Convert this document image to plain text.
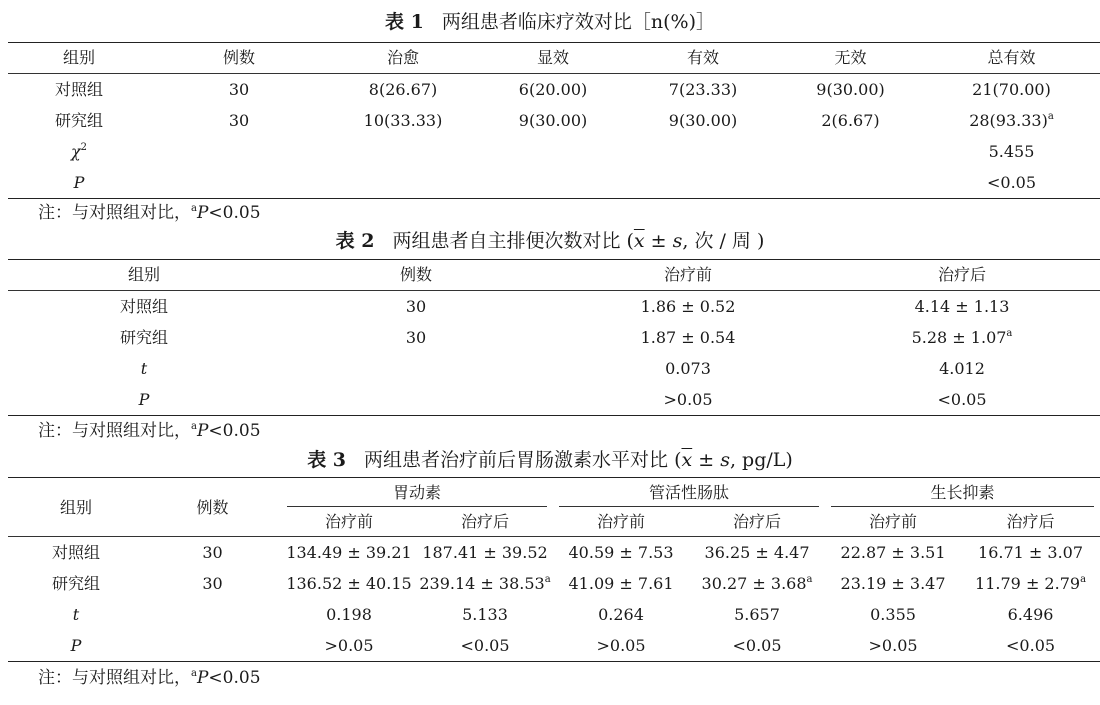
表 1 两组患者临床疗效对比［n(%)］
组别	例数	治愈	显效	有效	无效	总有效
对照组	30	8(26.67)	6(20.00)	7(23.33)	9(30.00)	21(70.00)
研究组	30	10(33.33)	9(30.00)	9(30.00)	2(6.67)	$28(93.33)^a$
$\chi^2$						5.455
P						<0.05
注：与对照组对比，$^a$P<0.05
表 2 两组患者自主排便次数对比 ($\overline{x} \pm s$, 次 / 周 )
组别	例数	治疗前	治疗后
对照组	30	1.86 ± 0.52	4.14 ± 1.13
研究组	30	1.87 ± 0.54	5.28 ± 1.07$^a$
t		0.073	4.012
P		>0.05	<0.05
注：与对照组对比，$^a$P<0.05
表 3 两组患者治疗前后胃肠激素水平对比 ($\overline{x} \pm s$, pg/L)
组别	例数	胃动素		管活性肠肽		生长抑素	
		治疗前	治疗后	治疗前	治疗后	治疗前	治疗后
对照组	30	134.49 ± 39.21	187.41 ± 39.52	40.59 ± 7.53	36.25 ± 4.47	22.87 ± 3.51	16.71 ± 3.07
研究组	30	136.52 ± 40.15	239.14 ± 38.53$^a$	41.09 ± 7.61	30.27 ± 3.68$^a$	23.19 ± 3.47	11.79 ± 2.79$^a$
t		0.198	5.133	0.264	5.657	0.355	6.496
P		>0.05	<0.05	>0.05	<0.05	>0.05	<0.05
注：与对照组对比，$^a$P<0.05
